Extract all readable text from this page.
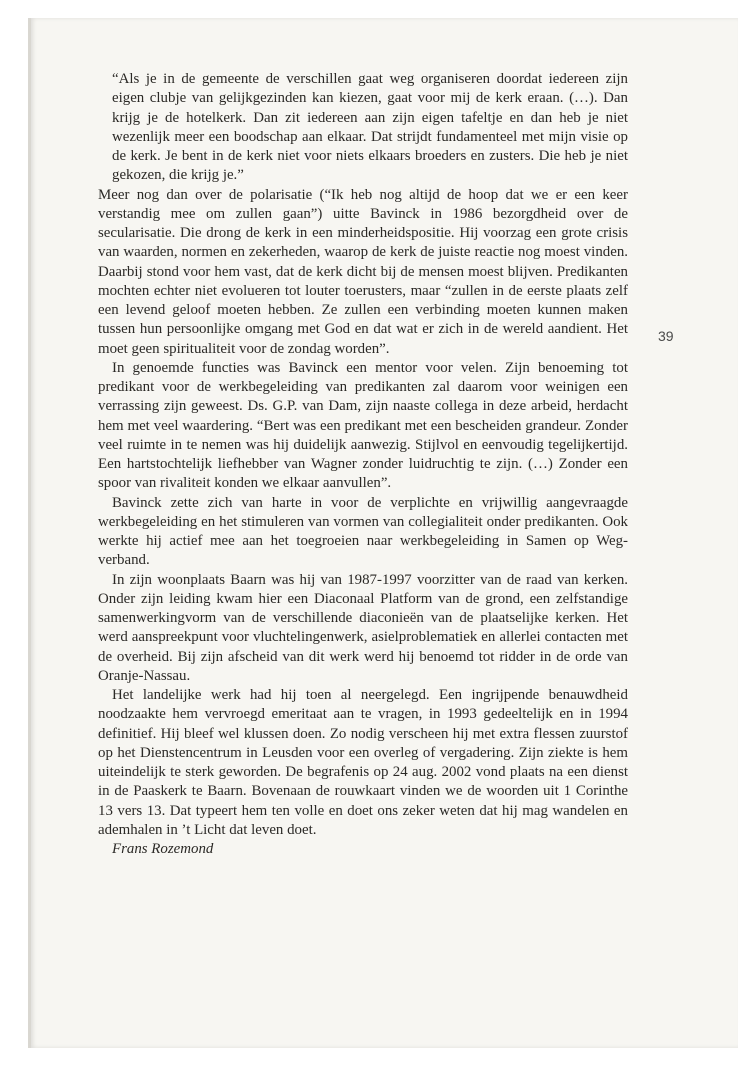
“Als je in de gemeente de verschillen gaat weg organiseren doordat iedereen zijn eigen clubje van gelijkgezinden kan kiezen, gaat voor mij de kerk eraan. (…). Dan krijg je de hotelkerk. Dan zit iedereen aan zijn eigen tafeltje en dan heb je niet wezenlijk meer een boodschap aan elkaar. Dat strijdt fundamenteel met mijn visie op de kerk. Je bent in de kerk niet voor niets elkaars broeders en zusters. Die heb je niet gekozen, die krijg je.”
Meer nog dan over de polarisatie (“Ik heb nog altijd de hoop dat we er een keer verstandig mee om zullen gaan”) uitte Bavinck in 1986 bezorgdheid over de secularisatie. Die drong de kerk in een minderheidspositie. Hij voorzag een grote crisis van waarden, normen en zekerheden, waarop de kerk de juiste reactie nog moest vinden. Daarbij stond voor hem vast, dat de kerk dicht bij de mensen moest blijven. Predikanten mochten echter niet evolueren tot louter toerusters, maar “zullen in de eerste plaats zelf een levend geloof moeten hebben. Ze zullen een verbinding moeten kunnen maken tussen hun persoonlijke omgang met God en dat wat er zich in de wereld aandient. Het moet geen spiritualiteit voor de zondag worden”.
In genoemde functies was Bavinck een mentor voor velen. Zijn benoeming tot predikant voor de werkbegeleiding van predikanten zal daarom voor weinigen een verrassing zijn geweest. Ds. G.P. van Dam, zijn naaste collega in deze arbeid, herdacht hem met veel waardering. “Bert was een predikant met een bescheiden grandeur. Zonder veel ruimte in te nemen was hij duidelijk aanwezig. Stijlvol en eenvoudig tegelijkertijd. Een hartstochtelijk liefhebber van Wagner zonder luidruchtig te zijn. (…) Zonder een spoor van rivaliteit konden we elkaar aanvullen”.
Bavinck zette zich van harte in voor de verplichte en vrijwillig aangevraagde werkbegeleiding en het stimuleren van vormen van collegialiteit onder predikanten. Ook werkte hij actief mee aan het toegroeien naar werkbegeleiding in Samen op Weg-verband.
In zijn woonplaats Baarn was hij van 1987-1997 voorzitter van de raad van kerken. Onder zijn leiding kwam hier een Diaconaal Platform van de grond, een zelfstandige samenwerkingvorm van de verschillende diaconieën van de plaatselijke kerken. Het werd aanspreekpunt voor vluchtelingenwerk, asielproblematiek en allerlei contacten met de overheid. Bij zijn afscheid van dit werk werd hij benoemd tot ridder in de orde van Oranje-Nassau.
Het landelijke werk had hij toen al neergelegd. Een ingrijpende benauwdheid noodzaakte hem vervroegd emeritaat aan te vragen, in 1993 gedeeltelijk en in 1994 definitief. Hij bleef wel klussen doen. Zo nodig verscheen hij met extra flessen zuurstof op het Dienstencentrum in Leusden voor een overleg of vergadering. Zijn ziekte is hem uiteindelijk te sterk geworden. De begrafenis op 24 aug. 2002 vond plaats na een dienst in de Paaskerk te Baarn. Bovenaan de rouwkaart vinden we de woorden uit 1 Corinthe 13 vers 13. Dat typeert hem ten volle en doet ons zeker weten dat hij mag wandelen en ademhalen in ’t Licht dat leven doet.
Frans Rozemond
39
